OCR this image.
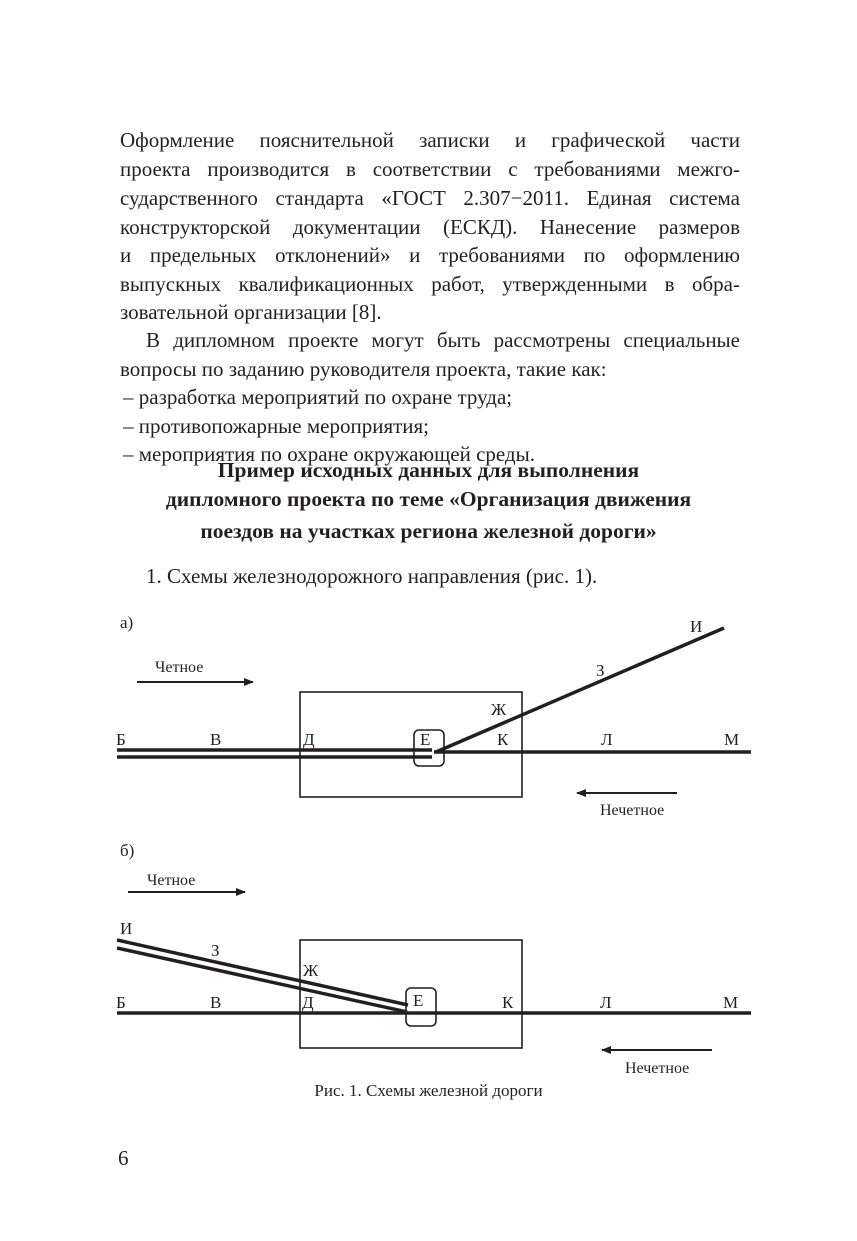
Оформление пояснительной записки и графической части
проекта производится в соответствии с требованиями межго-
сударственного стандарта «ГОСТ 2.307−2011. Единая система
конструкторской документации (ЕСКД). Нанесение размеров
и предельных отклонений» и требованиями по оформлению
выпускных квалификационных работ, утвержденными в обра-
зовательной организации [8].
В дипломном проекте могут быть рассмотрены специальные
вопросы по заданию руководителя проекта, такие как:
– разработка мероприятий по охране труда;
– противопожарные мероприятия;
– мероприятия по охране окружающей среды.
Пример исходных данных для выполнения
дипломного проекта по теме «Организация движения
поездов на участках региона железной дороги»
1. Схемы железнодорожного направления (рис. 1).
а)
Четное
Б	В	Д	Е	К	Л	М
Ж
З
И
Нечетное
б)
Четное
И
З
Ж
Б	В	Д	Е	К	Л	М
Нечетное
Рис. 1. Схемы железной дороги
6
